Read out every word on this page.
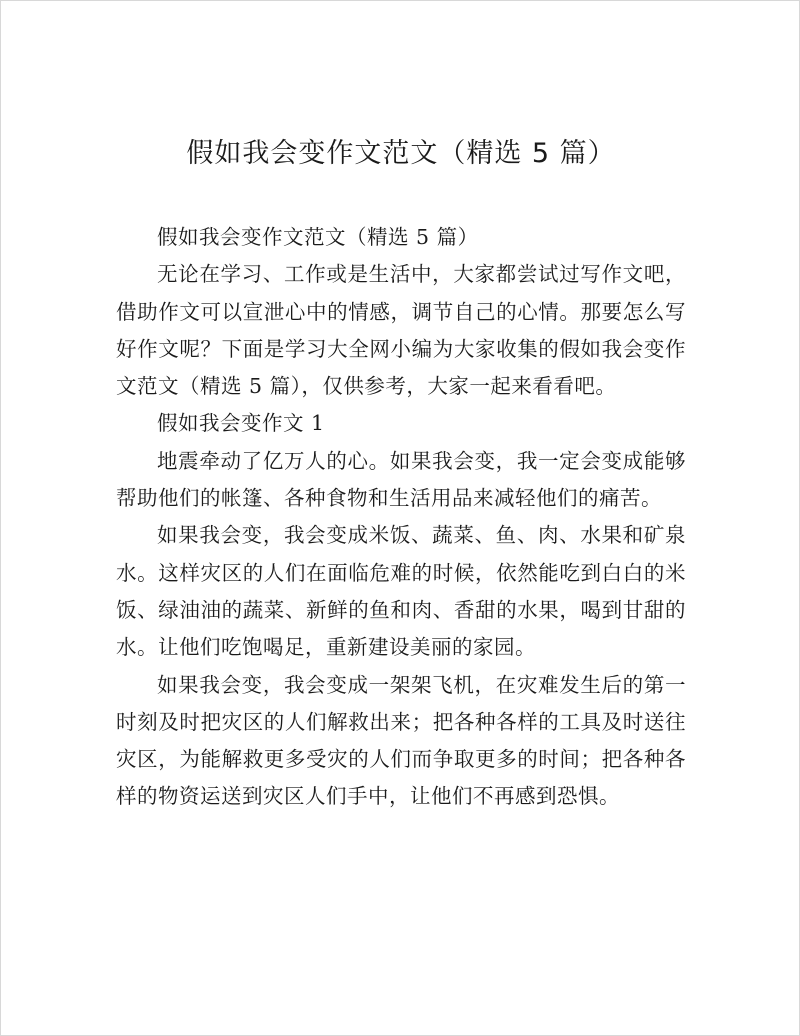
假如我会变作文范文（精选 5 篇）

假如我会变作文范文（精选 5 篇）

无论在学习、工作或是生活中，大家都尝试过写作文吧，借助作文可以宣泄心中的情感，调节自己的心情。那要怎么写好作文呢？下面是学习大全网小编为大家收集的假如我会变作文范文（精选 5 篇），仅供参考，大家一起来看看吧。

假如我会变作文 1

地震牵动了亿万人的心。如果我会变，我一定会变成能够帮助他们的帐篷、各种食物和生活用品来减轻他们的痛苦。

如果我会变，我会变成米饭、蔬菜、鱼、肉、水果和矿泉水。这样灾区的人们在面临危难的时候，依然能吃到白白的米饭、绿油油的蔬菜、新鲜的鱼和肉、香甜的水果，喝到甘甜的水。让他们吃饱喝足，重新建设美丽的家园。

如果我会变，我会变成一架架飞机，在灾难发生后的第一时刻及时把灾区的人们解救出来；把各种各样的工具及时送往灾区，为能解救更多受灾的人们而争取更多的时间；把各种各样的物资运送到灾区人们手中，让他们不再感到恐惧。
